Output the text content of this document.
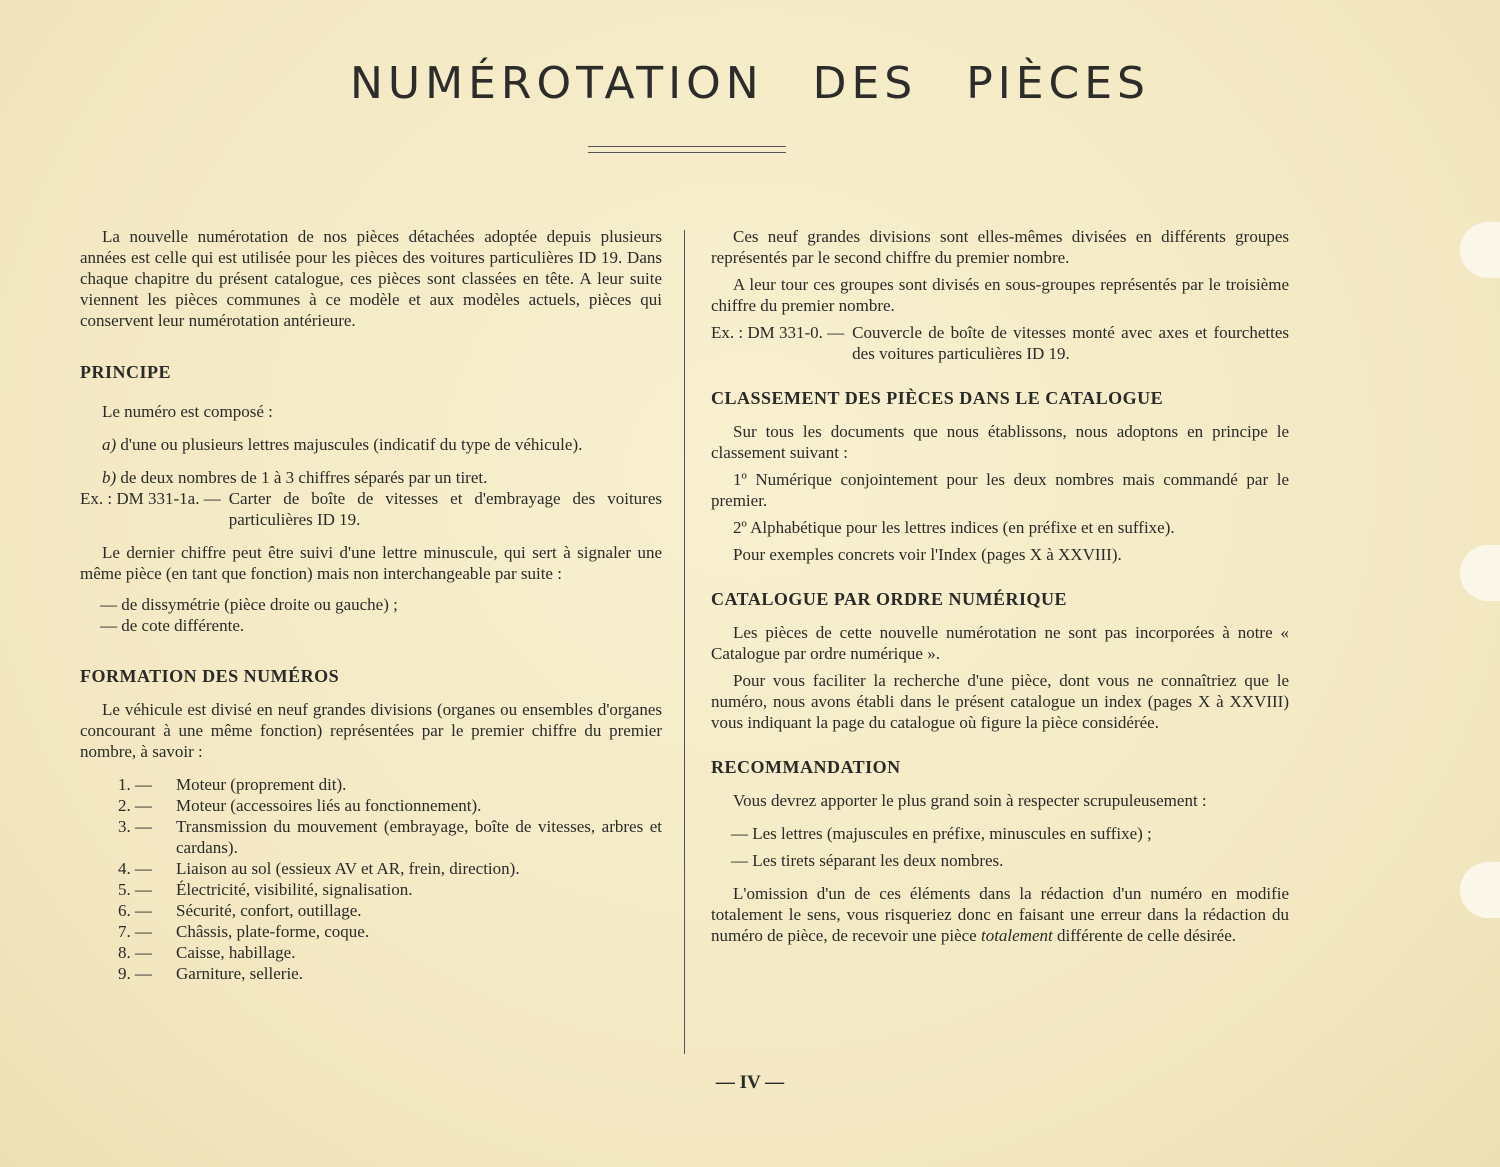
NUMÉROTATION DES PIÈCES

La nouvelle numérotation de nos pièces détachées adoptée depuis plusieurs années est celle qui est utilisée pour les pièces des voitures particulières ID 19. Dans chaque chapitre du présent catalogue, ces pièces sont classées en tête. A leur suite viennent les pièces communes à ce modèle et aux modèles actuels, pièces qui conservent leur numérotation antérieure.

PRINCIPE

Le numéro est composé :

a) d'une ou plusieurs lettres majuscules (indicatif du type de véhicule).

b) de deux nombres de 1 à 3 chiffres séparés par un tiret.

Ex. : DM 331-1a. — Carter de boîte de vitesses et d'embrayage des voitures particulières ID 19.

Le dernier chiffre peut être suivi d'une lettre minuscule, qui sert à signaler une même pièce (en tant que fonction) mais non interchangeable par suite :

— de dissymétrie (pièce droite ou gauche) ;

— de cote différente.

FORMATION DES NUMÉROS

Le véhicule est divisé en neuf grandes divisions (organes ou ensembles d'organes concourant à une même fonction) représentées par le premier chiffre du premier nombre, à savoir :

1. —	Moteur (proprement dit).
2. —	Moteur (accessoires liés au fonctionnement).
3. —	Transmission du mouvement (embrayage, boîte de vitesses, arbres et cardans).
4. —	Liaison au sol (essieux AV et AR, frein, direction).
5. —	Électricité, visibilité, signalisation.
6. —	Sécurité, confort, outillage.
7. —	Châssis, plate-forme, coque.
8. —	Caisse, habillage.
9. —	Garniture, sellerie.

Ces neuf grandes divisions sont elles-mêmes divisées en différents groupes représentés par le second chiffre du premier nombre.

A leur tour ces groupes sont divisés en sous-groupes représentés par le troisième chiffre du premier nombre.

Ex. : DM 331-0. — Couvercle de boîte de vitesses monté avec axes et fourchettes des voitures particulières ID 19.
CLASSEMENT DES PIÈCES DANS LE CATALOGUE

Sur tous les documents que nous établissons, nous adoptons en principe le classement suivant :

1º Numérique conjointement pour les deux nombres mais commandé par le premier.

2º Alphabétique pour les lettres indices (en préfixe et en suffixe).

Pour exemples concrets voir l'Index (pages X à XXVIII).

CATALOGUE PAR ORDRE NUMÉRIQUE

Les pièces de cette nouvelle numérotation ne sont pas incorporées à notre « Catalogue par ordre numérique ».

Pour vous faciliter la recherche d'une pièce, dont vous ne connaîtriez que le numéro, nous avons établi dans le présent catalogue un index (pages X à XXVIII) vous indiquant la page du catalogue où figure la pièce considérée.

RECOMMANDATION

Vous devrez apporter le plus grand soin à respecter scrupuleusement :

— Les lettres (majuscules en préfixe, minuscules en suffixe) ;

— Les tirets séparant les deux nombres.

L'omission d'un de ces éléments dans la rédaction d'un numéro en modifie totalement le sens, vous risqueriez donc en faisant une erreur dans la rédaction du numéro de pièce, de recevoir une pièce totalement différente de celle désirée.

— IV —
